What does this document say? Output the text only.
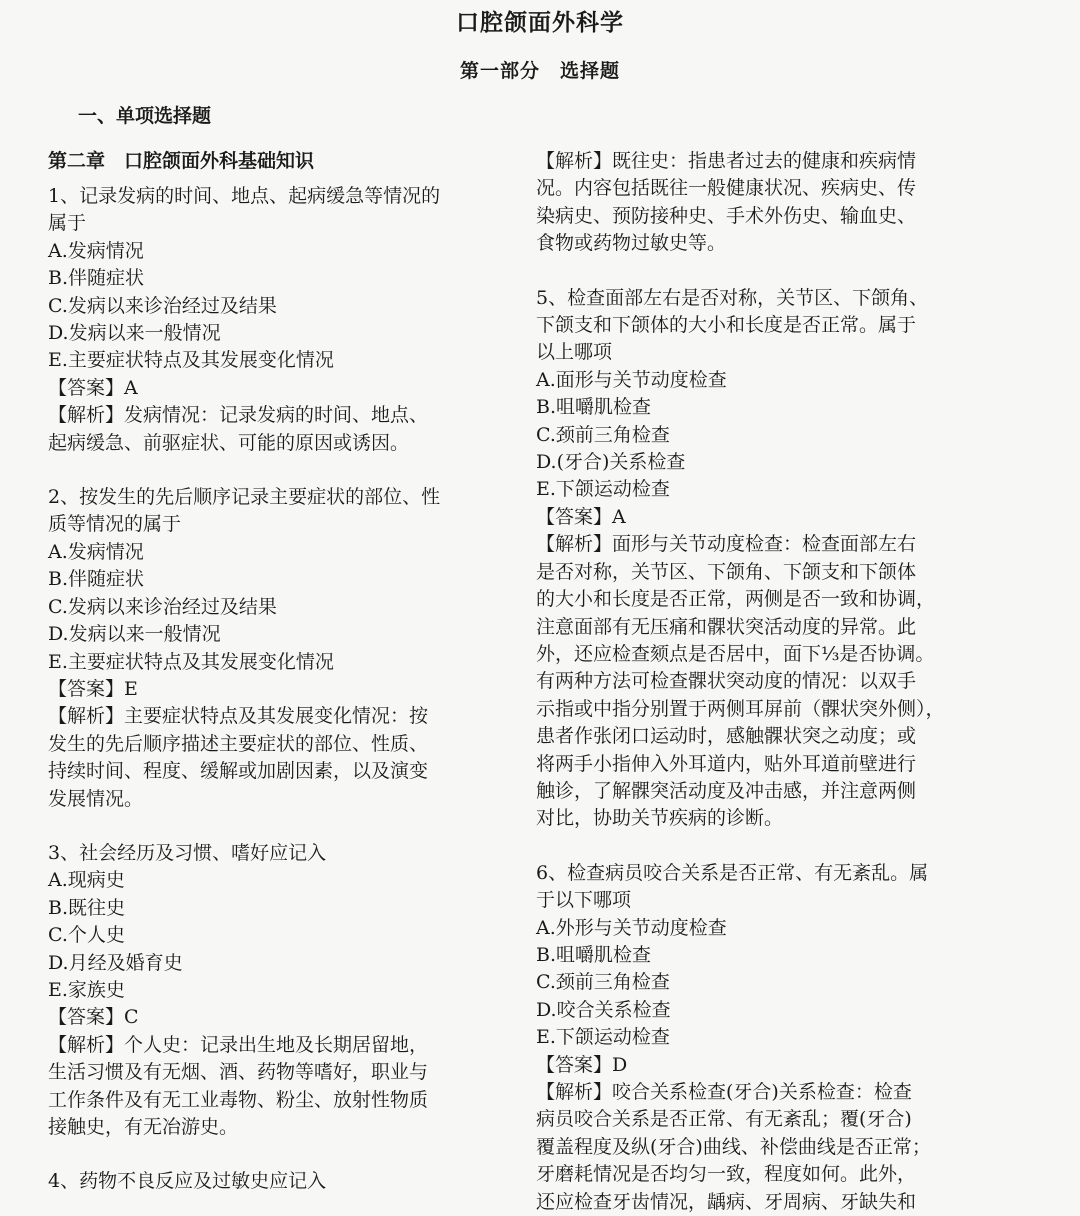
口腔颌面外科学
第一部分　选择题
一、单项选择题
第二章　口腔颌面外科基础知识
1、记录发病的时间、地点、起病缓急等情况的
属于
A.发病情况
B.伴随症状
C.发病以来诊治经过及结果
D.发病以来一般情况
E.主要症状特点及其发展变化情况
【答案】A
【解析】发病情况：记录发病的时间、地点、
起病缓急、前驱症状、可能的原因或诱因。
2、按发生的先后顺序记录主要症状的部位、性
质等情况的属于
A.发病情况
B.伴随症状
C.发病以来诊治经过及结果
D.发病以来一般情况
E.主要症状特点及其发展变化情况
【答案】E
【解析】主要症状特点及其发展变化情况：按
发生的先后顺序描述主要症状的部位、性质、
持续时间、程度、缓解或加剧因素，以及演变
发展情况。
3、社会经历及习惯、嗜好应记入
A.现病史
B.既往史
C.个人史
D.月经及婚育史
E.家族史
【答案】C
【解析】个人史：记录出生地及长期居留地，
生活习惯及有无烟、酒、药物等嗜好，职业与
工作条件及有无工业毒物、粉尘、放射性物质
接触史，有无冶游史。
4、药物不良反应及过敏史应记入
【解析】既往史：指患者过去的健康和疾病情
况。内容包括既往一般健康状况、疾病史、传
染病史、预防接种史、手术外伤史、输血史、
食物或药物过敏史等。
5、检查面部左右是否对称，关节区、下颌角、
下颌支和下颌体的大小和长度是否正常。属于
以上哪项
A.面形与关节动度检查
B.咀嚼肌检查
C.颈前三角检查
D.(牙合)关系检查
E.下颌运动检查
【答案】A
【解析】面形与关节动度检查：检查面部左右
是否对称，关节区、下颌角、下颌支和下颌体
的大小和长度是否正常，两侧是否一致和协调，
注意面部有无压痛和髁状突活动度的异常。此
外，还应检查颏点是否居中，面下⅓是否协调。
有两种方法可检查髁状突动度的情况：以双手
示指或中指分别置于两侧耳屏前（髁状突外侧），
患者作张闭口运动时，感触髁状突之动度；或
将两手小指伸入外耳道内，贴外耳道前壁进行
触诊，了解髁突活动度及冲击感，并注意两侧
对比，协助关节疾病的诊断。
6、检查病员咬合关系是否正常、有无紊乱。属
于以下哪项
A.外形与关节动度检查
B.咀嚼肌检查
C.颈前三角检查
D.咬合关系检查
E.下颌运动检查
【答案】D
【解析】咬合关系检查(牙合)关系检查：检查
病员咬合关系是否正常、有无紊乱；覆(牙合)
覆盖程度及纵(牙合)曲线、补偿曲线是否正常；
牙磨耗情况是否均匀一致，程度如何。此外，
还应检查牙齿情况，龋病、牙周病、牙缺失和
